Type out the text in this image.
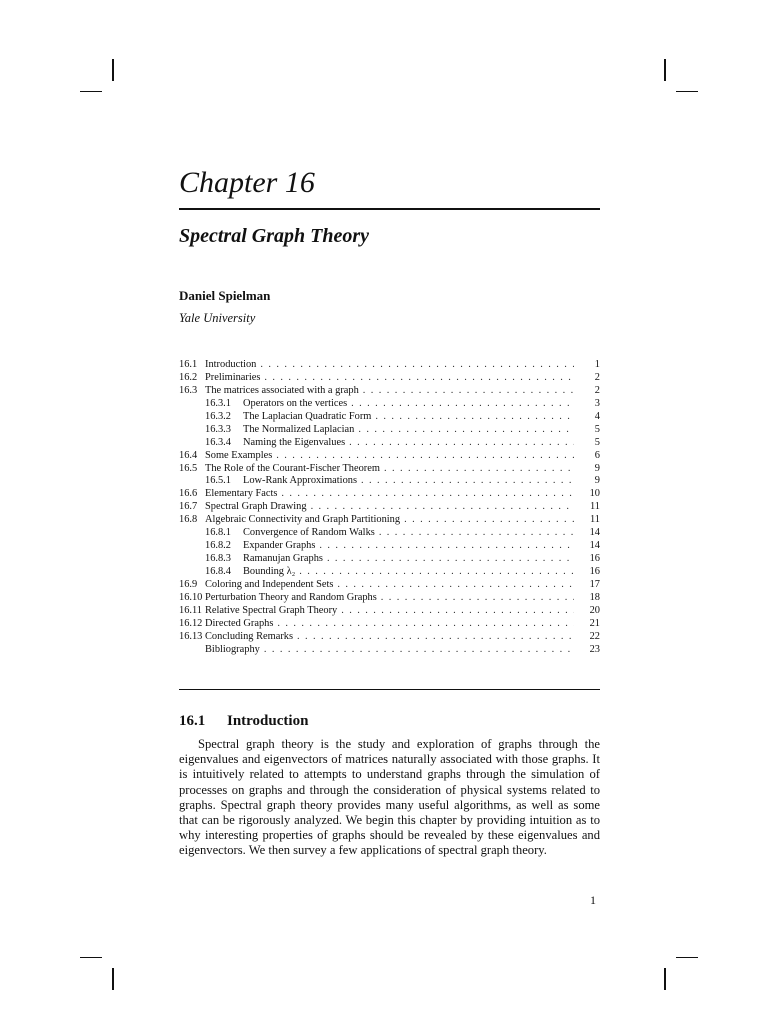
Chapter 16
Spectral Graph Theory
Daniel Spielman
Yale University
16.1 Introduction . . .	1
16.2 Preliminaries . . .	2
16.3 The matrices associated with a graph . . .	2
16.3.1	Operators on the vertices . . .	3
16.3.2	The Laplacian Quadratic Form . . .	4
16.3.3	The Normalized Laplacian . . .	5
16.3.4	Naming the Eigenvalues . . .	5
16.4 Some Examples . . .	6
16.5 The Role of the Courant-Fischer Theorem . . .	9
16.5.1	Low-Rank Approximations . . .	9
16.6 Elementary Facts . . .	10
16.7 Spectral Graph Drawing . . .	11
16.8 Algebraic Connectivity and Graph Partitioning . . .	11
16.8.1	Convergence of Random Walks . . .	14
16.8.2	Expander Graphs . . .	14
16.8.3	Ramanujan Graphs . . .	16
16.8.4	Bounding λ₂ . . .	16
16.9 Coloring and Independent Sets . . .	17
16.10 Perturbation Theory and Random Graphs . . .	18
16.11 Relative Spectral Graph Theory . . .	20
16.12 Directed Graphs . . .	21
16.13 Concluding Remarks . . .	22
Bibliography . . .	23
16.1 Introduction

Spectral graph theory is the study and exploration of graphs through the eigenvalues and eigenvectors of matrices naturally associated with those graphs. It is intuitively related to attempts to understand graphs through the simulation of processes on graphs and through the consideration of physical systems related to graphs. Spectral graph theory provides many useful algorithms, as well as some that can be rigorously analyzed. We begin this chapter by providing intuition as to why interesting properties of graphs should be revealed by these eigenvalues and eigenvectors. We then survey a few applications of spectral graph theory.

1
